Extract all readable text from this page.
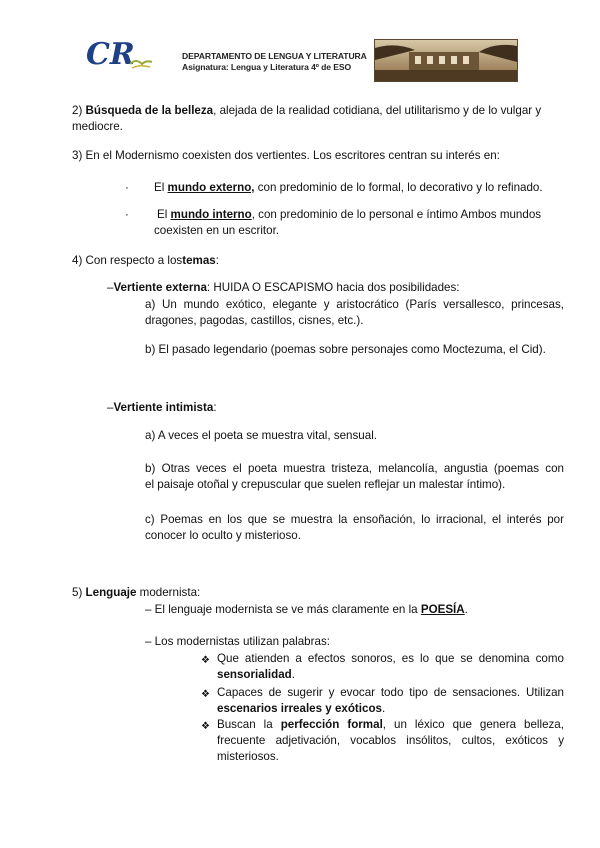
CR	DEPARTAMENTO DE LENGUA Y LITERATURA
Asignatura: Lengua y Literatura 4º de ESO
2) Búsqueda de la belleza, alejada de la realidad cotidiana, del utilitarismo y de lo vulgar y
mediocre.
3) En el Modernismo coexisten dos vertientes. Los escritores centran su interés en:
· El mundo externo, con predominio de lo formal, lo decorativo y lo refinado.
· El mundo interno, con predominio de lo personal e íntimo Ambos mundos
coexisten en un escritor.
4) Con respecto a lostemas:
–Vertiente externa: HUIDA O ESCAPISMO hacia dos posibilidades:
a) Un mundo exótico, elegante y aristocrático (París versallesco, princesas,
dragones, pagodas, castillos, cisnes, etc.).
b) El pasado legendario (poemas sobre personajes como Moctezuma, el Cid).
–Vertiente intimista:
a) A veces el poeta se muestra vital, sensual.
b) Otras veces el poeta muestra tristeza, melancolía, angustia (poemas con
el paisaje otoñal y crepuscular que suelen reflejar un malestar íntimo).
c) Poemas en los que se muestra la ensoñación, lo irracional, el interés por
conocer lo oculto y misterioso.
5) Lenguaje modernista:
– El lenguaje modernista se ve más claramente en la POESÍA.
– Los modernistas utilizan palabras:
❖ Que atienden a efectos sonoros, es lo que se denomina como
sensorialidad.
❖ Capaces de sugerir y evocar todo tipo de sensaciones. Utilizan
escenarios irreales y exóticos.
❖ Buscan la perfección formal, un léxico que genera belleza,
frecuente adjetivación, vocablos insólitos, cultos, exóticos y
misteriosos.
